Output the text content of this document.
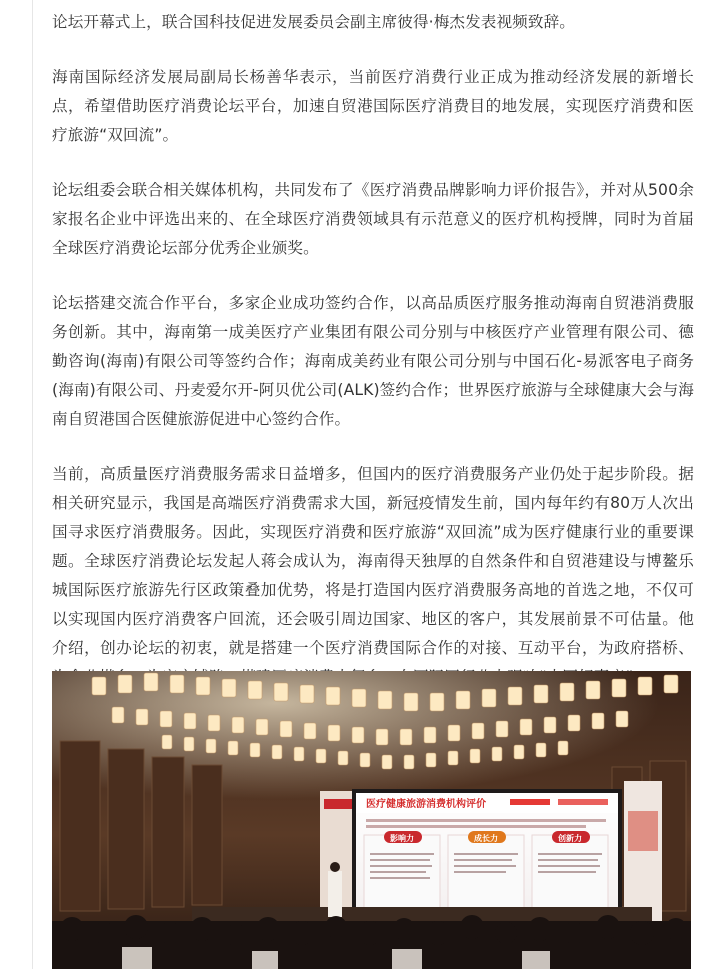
论坛开幕式上，联合国科技促进发展委员会副主席彼得·梅杰发表视频致辞。

海南国际经济发展局副局长杨善华表示，当前医疗消费行业正成为推动经济发展的新增长点，希望借助医疗消费论坛平台，加速自贸港国际医疗消费目的地发展，实现医疗消费和医疗旅游“双回流”。

论坛组委会联合相关媒体机构，共同发布了《医疗消费品牌影响力评价报告》，并对从500余家报名企业中评选出来的、在全球医疗消费领域具有示范意义的医疗机构授牌，同时为首届全球医疗消费论坛部分优秀企业颁奖。

论坛搭建交流合作平台，多家企业成功签约合作，以高品质医疗服务推动海南自贸港消费服务创新。其中，海南第一成美医疗产业集团有限公司分别与中核医疗产业管理有限公司、德勤咨询(海南)有限公司等签约合作；海南成美药业有限公司分别与中国石化-易派客电子商务(海南)有限公司、丹麦爱尔开-阿贝优公司(ALK)签约合作；世界医疗旅游与全球健康大会与海南自贸港国合医健旅游促进中心签约合作。

当前，高质量医疗消费服务需求日益增多，但国内的医疗消费服务产业仍处于起步阶段。据相关研究显示，我国是高端医疗消费需求大国，新冠疫情发生前，国内每年约有80万人次出国寻求医疗消费服务。因此，实现医疗消费和医疗旅游“双回流”成为医疗健康行业的重要课题。全球医疗消费论坛发起人蒋会成认为，海南得天独厚的自然条件和自贸港建设与博鳌乐城国际医疗旅游先行区政策叠加优势，将是打造国内医疗消费服务高地的首选之地，不仅可以实现国内医疗消费客户回流，还会吸引周边国家、地区的客户，其发展前景不可估量。他介绍，创办论坛的初衷，就是搭建一个医疗消费国际合作的对接、互动平台，为政府搭桥、

医疗健康旅游消费机构评价
影响力	成长力	创新力
